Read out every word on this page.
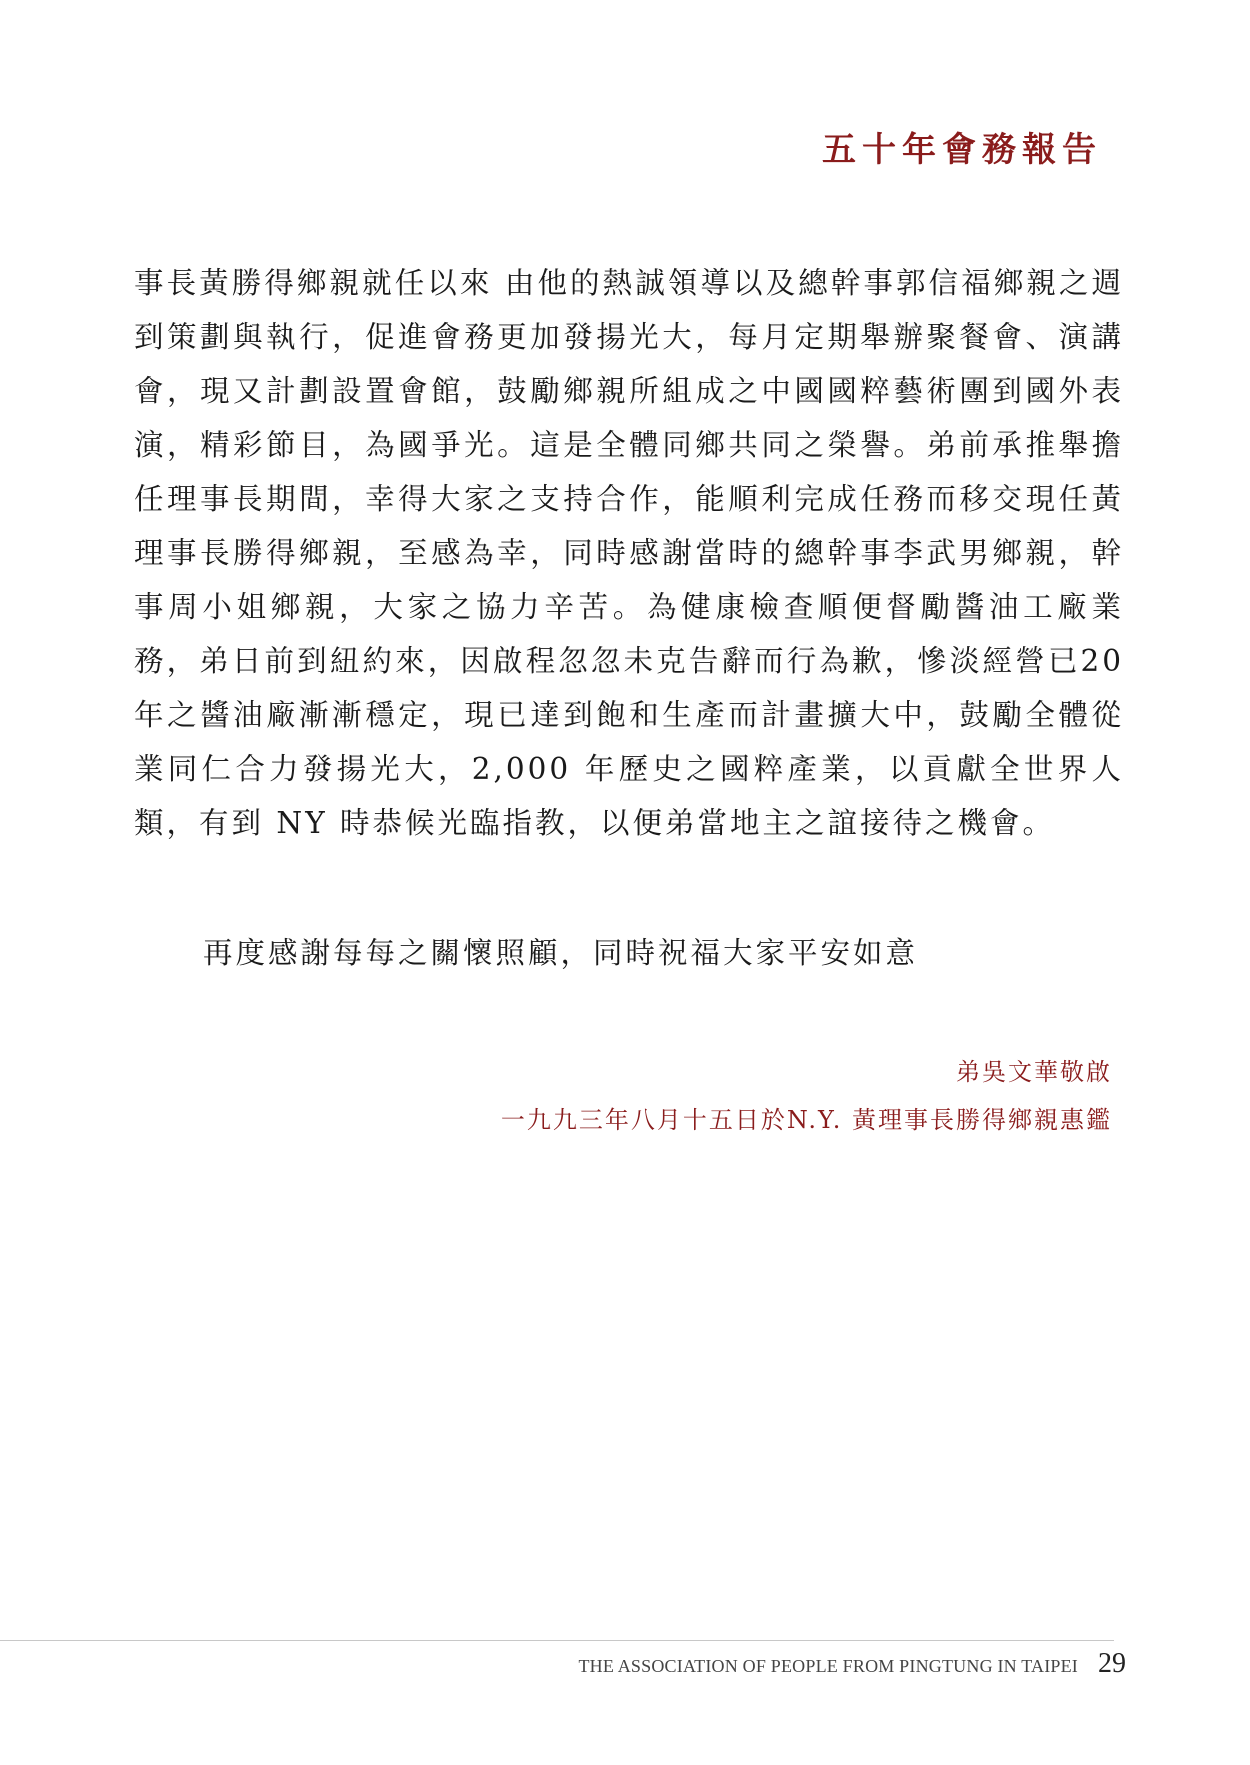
五十年會務報告

事長黃勝得鄉親就任以來 由他的熱誠領導以及總幹事郭信福鄉親之週到策劃與執行，促進會務更加發揚光大，每月定期舉辦聚餐會、演講會，現又計劃設置會館，鼓勵鄉親所組成之中國國粹藝術團到國外表演，精彩節目，為國爭光。這是全體同鄉共同之榮譽。弟前承推舉擔任理事長期間，幸得大家之支持合作，能順利完成任務而移交現任黃理事長勝得鄉親，至感為幸，同時感謝當時的總幹事李武男鄉親，幹事周小姐鄉親，大家之協力辛苦。為健康檢查順便督勵醬油工廠業務，弟日前到紐約來，因啟程忽忽未克告辭而行為歉，慘淡經營已20年之醬油廠漸漸穩定，現已達到飽和生產而計畫擴大中，鼓勵全體從業同仁合力發揚光大，2,000 年歷史之國粹產業，以貢獻全世界人類，有到 NY 時恭候光臨指教，以便弟當地主之誼接待之機會。

再度感謝每每之關懷照顧，同時祝福大家平安如意

弟吳文華敬啟

一九九三年八月十五日於N.Y. 黃理事長勝得鄉親惠鑑

THE ASSOCIATION OF PEOPLE FROM PINGTUNG IN TAIPEI 29
